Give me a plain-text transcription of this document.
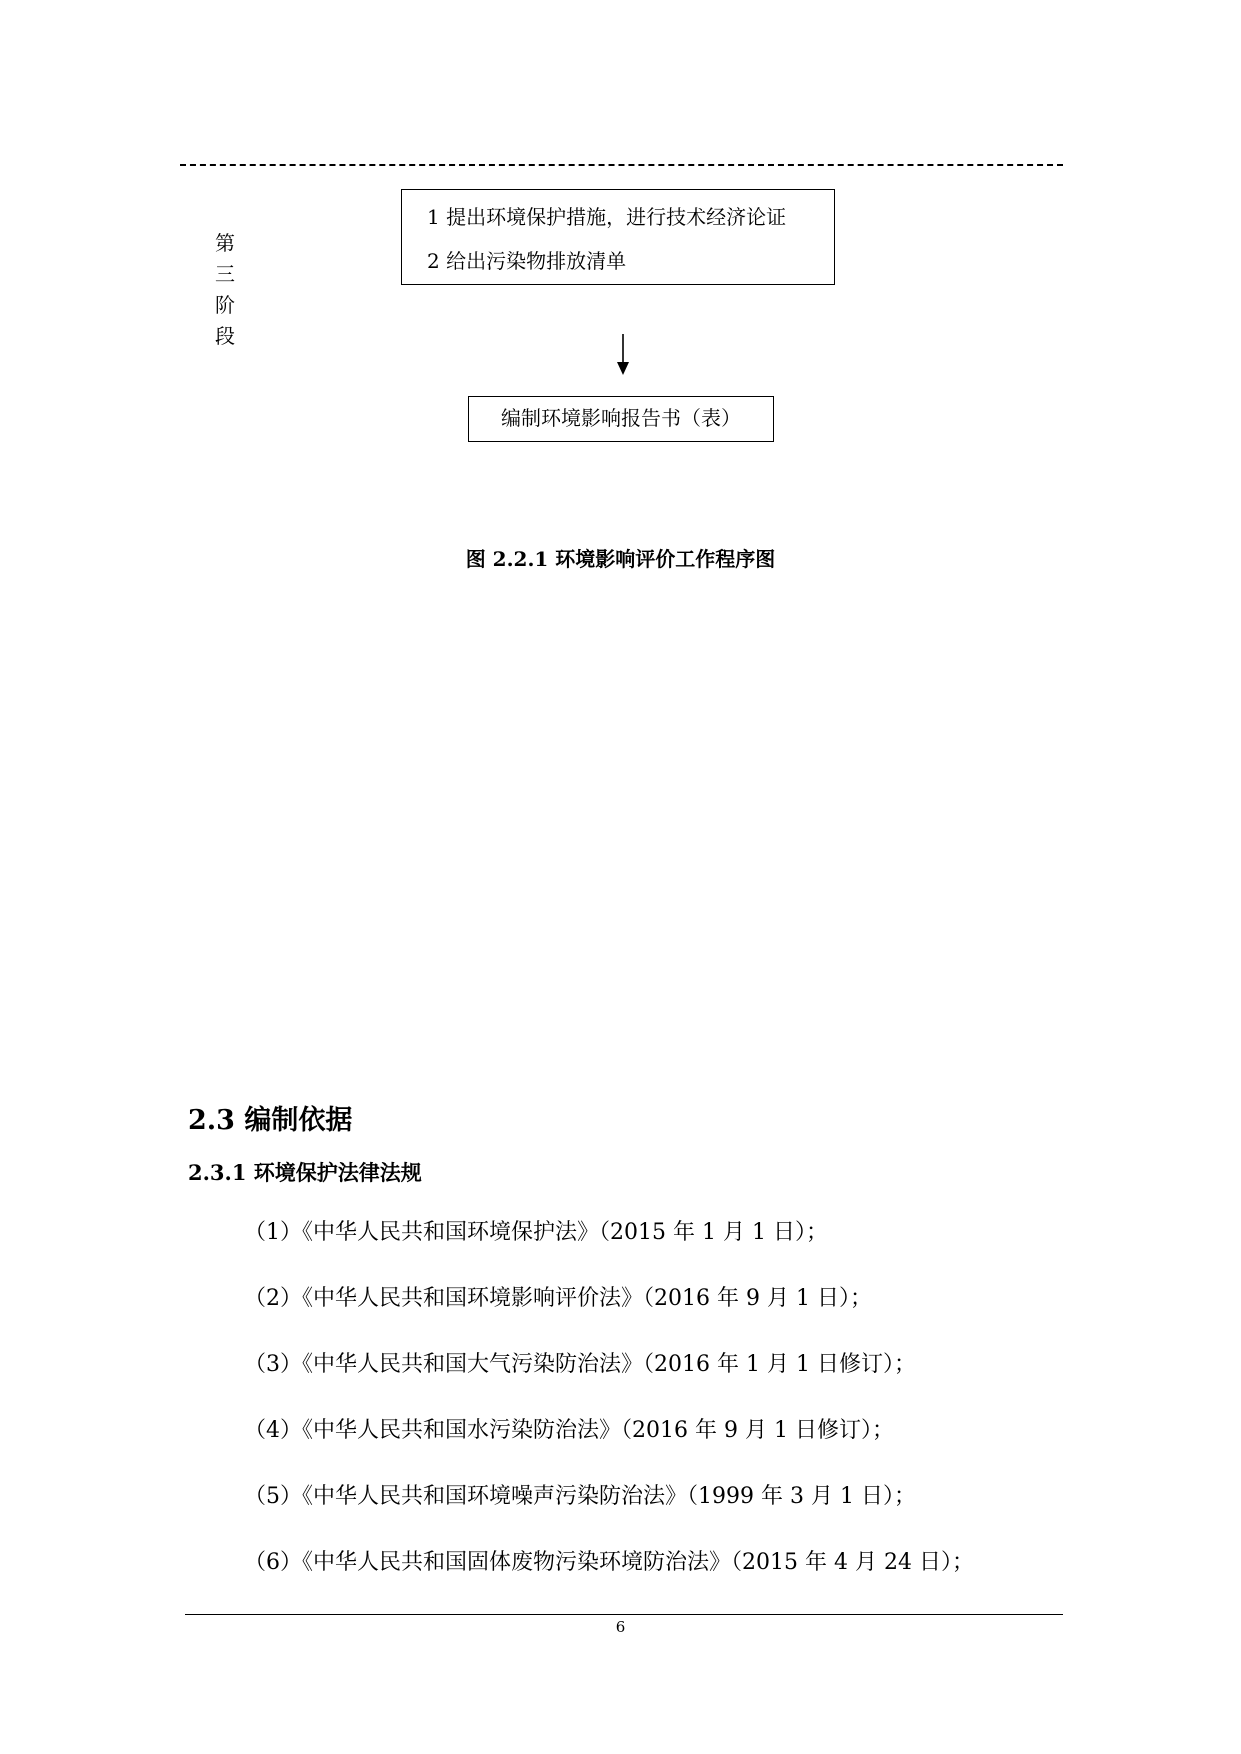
第
三
阶
段
1 提出环境保护措施，进行技术经济论证
2 给出污染物排放清单
编制环境影响报告书（表）
图 2.2.1 环境影响评价工作程序图
2.3 编制依据
2.3.1 环境保护法律法规
（1）《中华人民共和国环境保护法》（2015 年 1 月 1 日）；
（2）《中华人民共和国环境影响评价法》（2016 年 9 月 1 日）；
（3）《中华人民共和国大气污染防治法》（2016 年 1 月 1 日修订）；
（4）《中华人民共和国水污染防治法》（2016 年 9 月 1 日修订）；
（5）《中华人民共和国环境噪声污染防治法》（1999 年 3 月 1 日）；
（6）《中华人民共和国固体废物污染环境防治法》（2015 年 4 月 24 日）；
6
